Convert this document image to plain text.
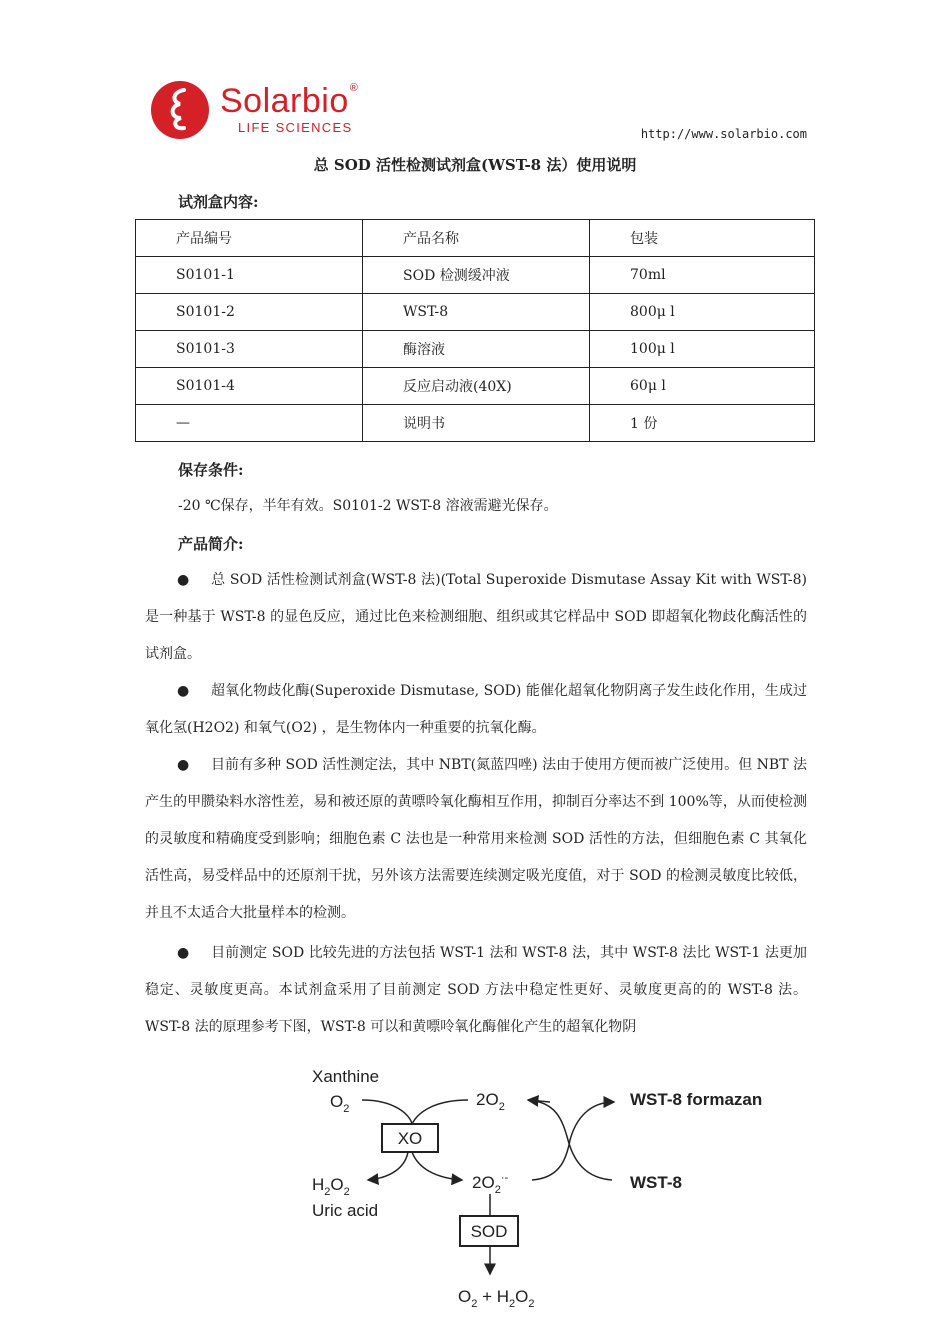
Solarbio®
LIFE SCIENCES	http://www.solarbio.com
总 SOD 活性检测试剂盒(WST-8 法）使用说明
试剂盒内容:
产品编号	产品名称	包装
S0101-1	SOD 检测缓冲液	70ml
S0101-2	WST-8	800μ l
S0101-3	酶溶液	100μ l
S0101-4	反应启动液(40X)	60μ l
—	说明书	1 份
保存条件:
-20 ℃保存，半年有效。S0101-2 WST-8 溶液需避光保存。
产品简介:
● 总 SOD 活性检测试剂盒(WST-8 法)(Total Superoxide Dismutase Assay Kit with WST-8) 是一种基于 WST-8 的显色反应，通过比色来检测细胞、组织或其它样品中 SOD 即超氧化物歧化酶活性的试剂盒。
● 超氧化物歧化酶(Superoxide Dismutase, SOD) 能催化超氧化物阴离子发生歧化作用，生成过氧化氢(H2O2) 和氧气(O2) ，是生物体内一种重要的抗氧化酶。
● 目前有多种 SOD 活性测定法，其中 NBT(氮蓝四唑) 法由于使用方便而被广泛使用。但 NBT 法产生的甲臜染料水溶性差，易和被还原的黄嘌呤氧化酶相互作用，抑制百分率达不到 100%等，从而使检测的灵敏度和精确度受到影响；细胞色素 C 法也是一种常用来检测 SOD 活性的方法，但细胞色素 C 其氧化活性高，易受样品中的还原剂干扰，另外该方法需要连续测定吸光度值，对于 SOD 的检测灵敏度比较低，并且不太适合大批量样本的检测。
● 目前测定 SOD 比较先进的方法包括 WST-1 法和 WST-8 法，其中 WST-8 法比 WST-1 法更加稳定、灵敏度更高。本试剂盒采用了目前测定 SOD 方法中稳定性更好、灵敏度更高的的 WST-8 法。WST-8 法的原理参考下图，WST-8 可以和黄嘌呤氧化酶催化产生的超氧化物阴
Xanthine
$O_2$
$H_2O_2$
Uric acid
XO
$2O_2$
$2O_2^{\cdot-}$
WST-8 formazan
WST-8
SOD
$O_2 + H_2O_2$
